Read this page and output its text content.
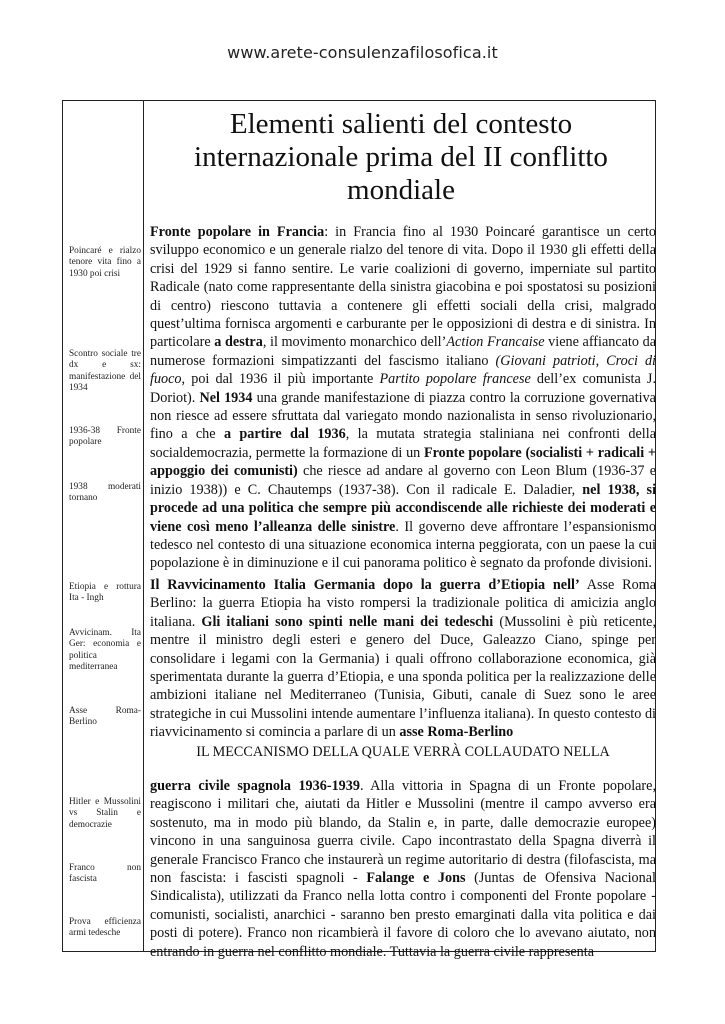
www.arete-consulenzafilosofica.it
Poincaré e rialzo tenore vita fino a 1930 poi crisi
Scontro sociale tre dx e sx: manifestazione del 1934
1936-38 Fronte popolare
1938 moderati tornano
Etiopia e rottura Ita - Ingh
Avvicinam. Ita Ger: economia e politica mediterranea
Asse Roma-Berlino
Hitler e Mussolini vs Stalin e democrazie
Franco non fascista
Prova efficienza armi tedesche
Elementi salienti del contesto internazionale prima del II conflitto mondiale
Fronte popolare in Francia: in Francia fino al 1930 Poincaré garantisce un certo sviluppo economico e un generale rialzo del tenore di vita. Dopo il 1930 gli effetti della crisi del 1929 si fanno sentire. Le varie coalizioni di governo, imperniate sul partito Radicale (nato come rappresentante della sinistra giacobina e poi spostatosi su posizioni di centro) riescono tuttavia a contenere gli effetti sociali della crisi, malgrado quest’ultima fornisca argomenti e carburante per le opposizioni di destra e di sinistra. In particolare a destra, il movimento monarchico dell’Action Francaise viene affiancato da numerose formazioni simpatizzanti del fascismo italiano (Giovani patrioti, Croci di fuoco, poi dal 1936 il più importante Partito popolare francese dell’ex comunista J. Doriot). Nel 1934 una grande manifestazione di piazza contro la corruzione governativa non riesce ad essere sfruttata dal variegato mondo nazionalista in senso rivoluzionario, fino a che a partire dal 1936, la mutata strategia staliniana nei confronti della socialdemocrazia, permette la formazione di un Fronte popolare (socialisti + radicali + appoggio dei comunisti) che riesce ad andare al governo con Leon Blum (1936-37 e inizio 1938)) e C. Chautemps (1937-38). Con il radicale E. Daladier, nel 1938, si procede ad una politica che sempre più accondiscende alle richieste dei moderati e viene così meno l’alleanza delle sinistre. Il governo deve affrontare l’espansionismo tedesco nel contesto di una situazione economica interna peggiorata, con un paese la cui popolazione è in diminuzione e il cui panorama politico è segnato da profonde divisioni.
Il Ravvicinamento Italia Germania dopo la guerra d’Etiopia nell’ Asse Roma Berlino: la guerra Etiopia ha visto rompersi la tradizionale politica di amicizia anglo italiana. Gli italiani sono spinti nelle mani dei tedeschi (Mussolini è più reticente, mentre il ministro degli esteri e genero del Duce, Galeazzo Ciano, spinge per consolidare i legami con la Germania) i quali offrono collaborazione economica, già sperimentata durante la guerra d’Etiopia, e una sponda politica per la realizzazione delle ambizioni italiane nel Mediterraneo (Tunisia, Gibuti, canale di Suez sono le aree strategiche in cui Mussolini intende aumentare l’influenza italiana). In questo contesto di riavvicinamento si comincia a parlare di un asse Roma-Berlino
IL MECCANISMO DELLA QUALE VERRÀ COLLAUDATO NELLA
guerra civile spagnola 1936-1939. Alla vittoria in Spagna di un Fronte popolare, reagiscono i militari che, aiutati da Hitler e Mussolini (mentre il campo avverso era sostenuto, ma in modo più blando, da Stalin e, in parte, dalle democrazie europee) vincono in una sanguinosa guerra civile. Capo incontrastato della Spagna diverrà il generale Francisco Franco che instaurerà un regime autoritario di destra (filofascista, ma non fascista: i fascisti spagnoli - Falange e Jons (Juntas de Ofensiva Nacional Sindicalista), utilizzati da Franco nella lotta contro i componenti del Fronte popolare - comunisti, socialisti, anarchici - saranno ben presto emarginati dalla vita politica e dai posti di potere). Franco non ricambierà il favore di coloro che lo avevano aiutato, non entrando in guerra nel conflitto mondiale. Tuttavia la guerra civile rappresenta
